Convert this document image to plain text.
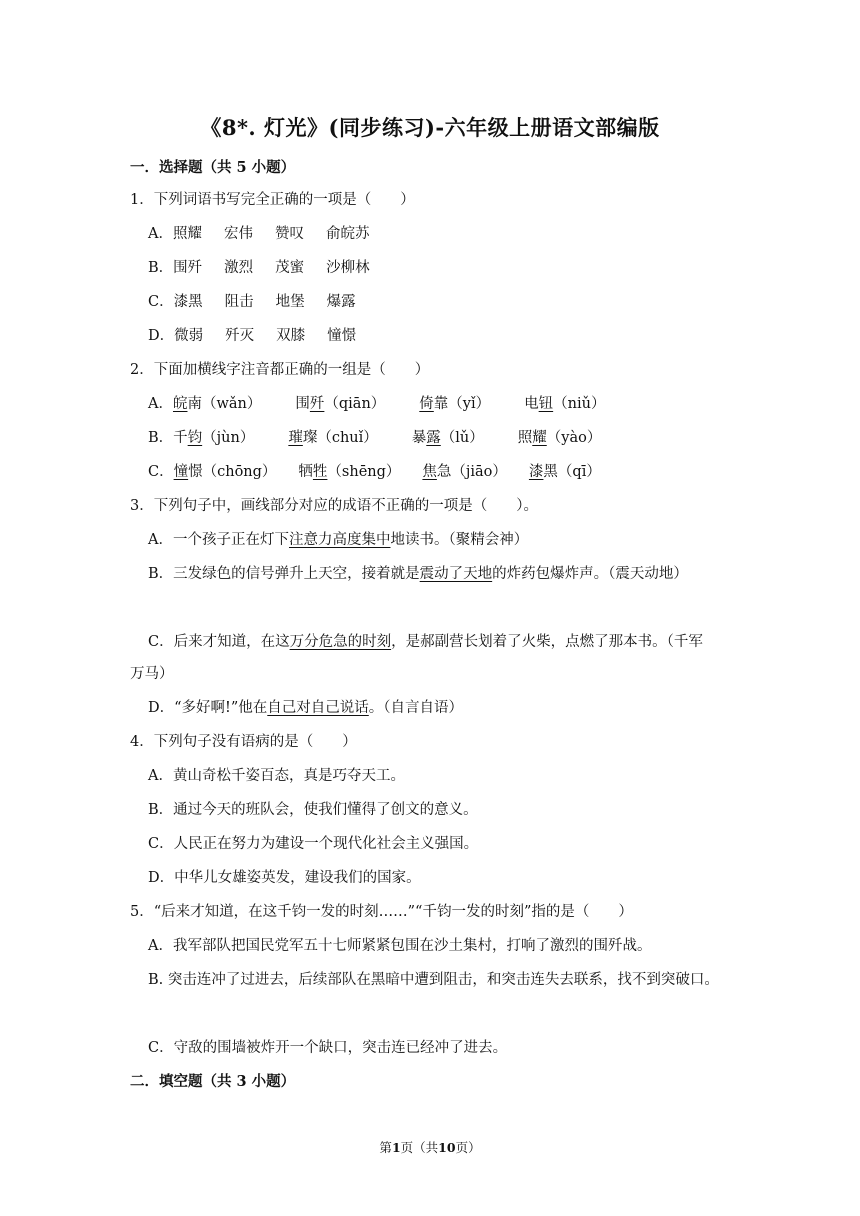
《8*. 灯光》(同步练习)-六年级上册语文部编版
一．选择题（共 5 小题）
1．下列词语书写完全正确的一项是（　　）
A．照耀 宏伟 赞叹 俞皖苏
B．围歼 激烈 茂蜜 沙柳林
C．漆黑 阻击 地堡 爆露
D．微弱 歼灭 双膝 憧憬
2．下面加横线字注音都正确的一组是（　　）
A．皖南（wǎn） 围歼（qiān） 倚靠（yǐ） 电钮（niǔ）
B．千钧（jùn） 璀璨（chuǐ） 暴露（lǔ） 照耀（yào）
C．憧憬（chōng） 牺牲（shēng） 焦急（jiāo） 漆黑（qī）
3．下列句子中，画线部分对应的成语不正确的一项是（　　）。
A．一个孩子正在灯下注意力高度集中地读书。（聚精会神）
B．三发绿色的信号弹升上天空，接着就是震动了天地的炸药包爆炸声。（震天动地）
C．后来才知道，在这万分危急的时刻，是郝副营长划着了火柴，点燃了那本书。（千军
万马）
D．“多好啊!”他在自己对自己说话。（自言自语）
4．下列句子没有语病的是（　　）
A．黄山奇松千姿百态，真是巧夺天工。
B．通过今天的班队会，使我们懂得了创文的意义。
C．人民正在努力为建设一个现代化社会主义强国。
D．中华儿女雄姿英发，建设我们的国家。
5．“后来才知道，在这千钧一发的时刻……”“千钧一发的时刻”指的是（　　）
A．我军部队把国民党军五十七师紧紧包围在沙土集村，打响了激烈的围歼战。
B. 突击连冲了过进去，后续部队在黑暗中遭到阻击，和突击连失去联系，找不到突破口。
C．守敌的围墙被炸开一个缺口，突击连已经冲了进去。
二．填空题（共 3 小题）
第1页（共10页）
